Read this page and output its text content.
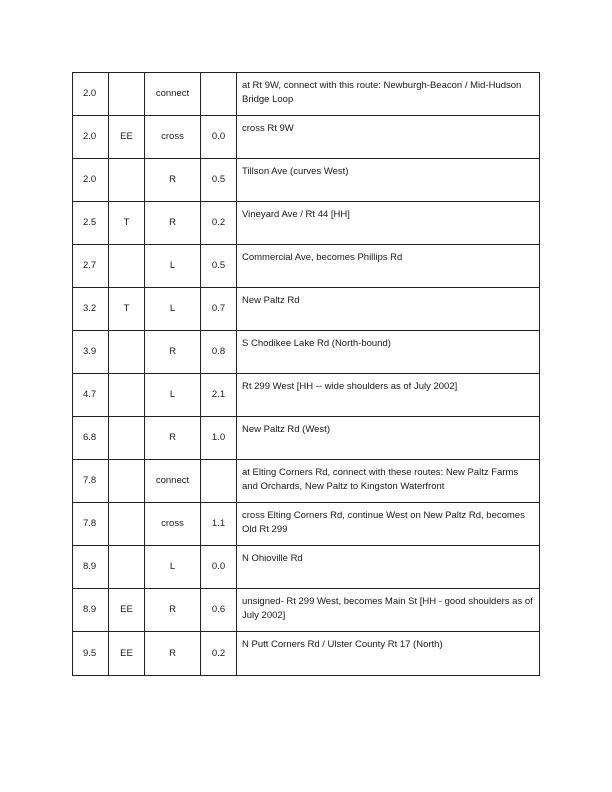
2.0		connect		at Rt 9W, connect with this route: Newburgh-Beacon / Mid-Hudson Bridge Loop
2.0	EE	cross	0.0	cross Rt 9W
2.0		R	0.5	Tillson Ave (curves West)
2.5	T	R	0.2	Vineyard Ave / Rt 44 [HH]
2.7		L	0.5	Commercial Ave, becomes Phillips Rd
3.2	T	L	0.7	New Paltz Rd
3.9		R	0.8	S Chodikee Lake Rd (North-bound)
4.7		L	2.1	Rt 299 West [HH -- wide shoulders as of July 2002]
6.8		R	1.0	New Paltz Rd (West)
7.8		connect		at Elting Corners Rd, connect with these routes: New Paltz Farms and Orchards, New Paltz to Kingston Waterfront
7.8		cross	1.1	cross Elting Corners Rd, continue West on New Paltz Rd, becomes Old Rt 299
8.9		L	0.0	N Ohioville Rd
8.9	EE	R	0.6	unsigned- Rt 299 West, becomes Main St [HH - good shoulders as of July 2002]
9.5	EE	R	0.2	N Putt Corners Rd / Ulster County Rt 17 (North)
